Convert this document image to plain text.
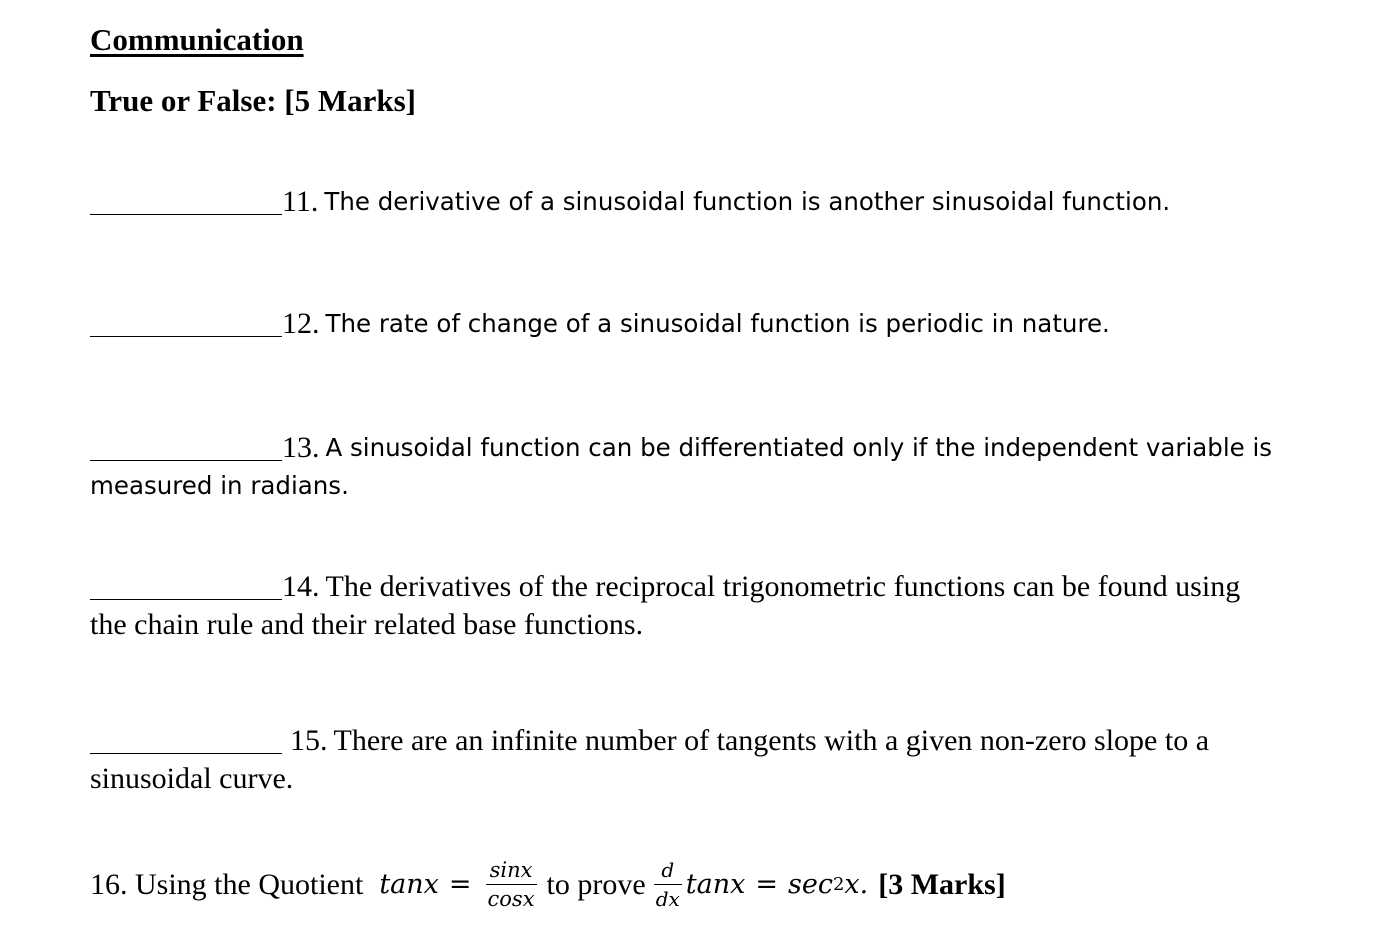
Communication
True or False: [5 Marks]
11. The derivative of a sinusoidal function is another sinusoidal function.
12. The rate of change of a sinusoidal function is periodic in nature.
13. A sinusoidal function can be differentiated only if the independent variable is
measured in radians.
14. The derivatives of the reciprocal trigonometric functions can be found using
the chain rule and their related base functions.
15. There are an infinite number of tangents with a given non-zero slope to a
sinusoidal curve.
16. Using the Quotient $\tan x = \frac{\sin x}{\cos x}$ to prove $\frac{d}{dx}$ tanx = sec 2 x. [3 Marks]
